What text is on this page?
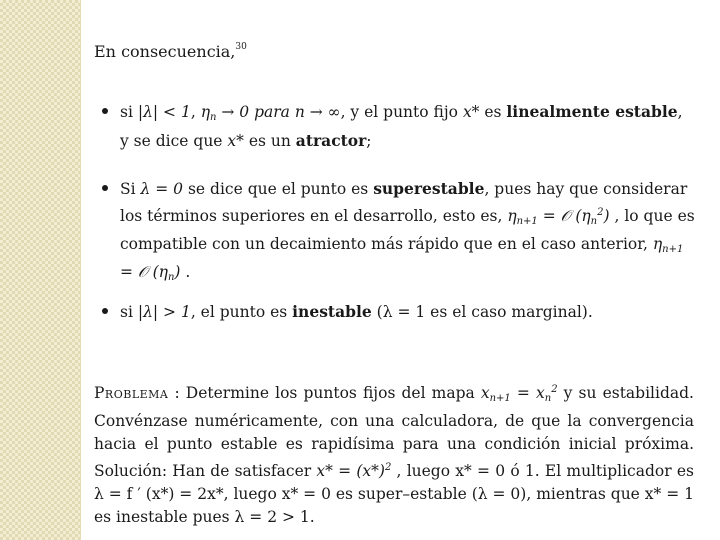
En consecuencia,$^{30}$
si |λ| < 1, $\eta_n \to 0$ para n → ∞, y el punto fijo x* es linealmente estable, y se dice que x* es un atractor;
Si λ = 0 se dice que el punto es superestable, pues hay que considerar los términos superiores en el desarrollo, esto es, $\eta_{n+1}$ = 𝒪 $(\eta_n^2)$ , lo que es compatible con un decaimiento más rápido que en el caso anterior, $\eta_{n+1}$ = 𝒪 $(\eta_n)$ .
si |λ| > 1, el punto es inestable (λ = 1 es el caso marginal).
Problema : Determine los puntos fijos del mapa $x_{n+1} = x_n^2$ y su estabilidad. Convénzase numéricamente, con una calculadora, de que la convergencia hacia el punto estable es rapidísima para una condición inicial próxima. Solución: Han de satisfacer $x* = (x*)^2$ , luego x* = 0 ó 1. El multiplicador es λ = f ′ (x*) = 2x*, luego x* = 0 es super–estable (λ = 0), mientras que x* = 1 es inestable pues λ = 2 > 1.
